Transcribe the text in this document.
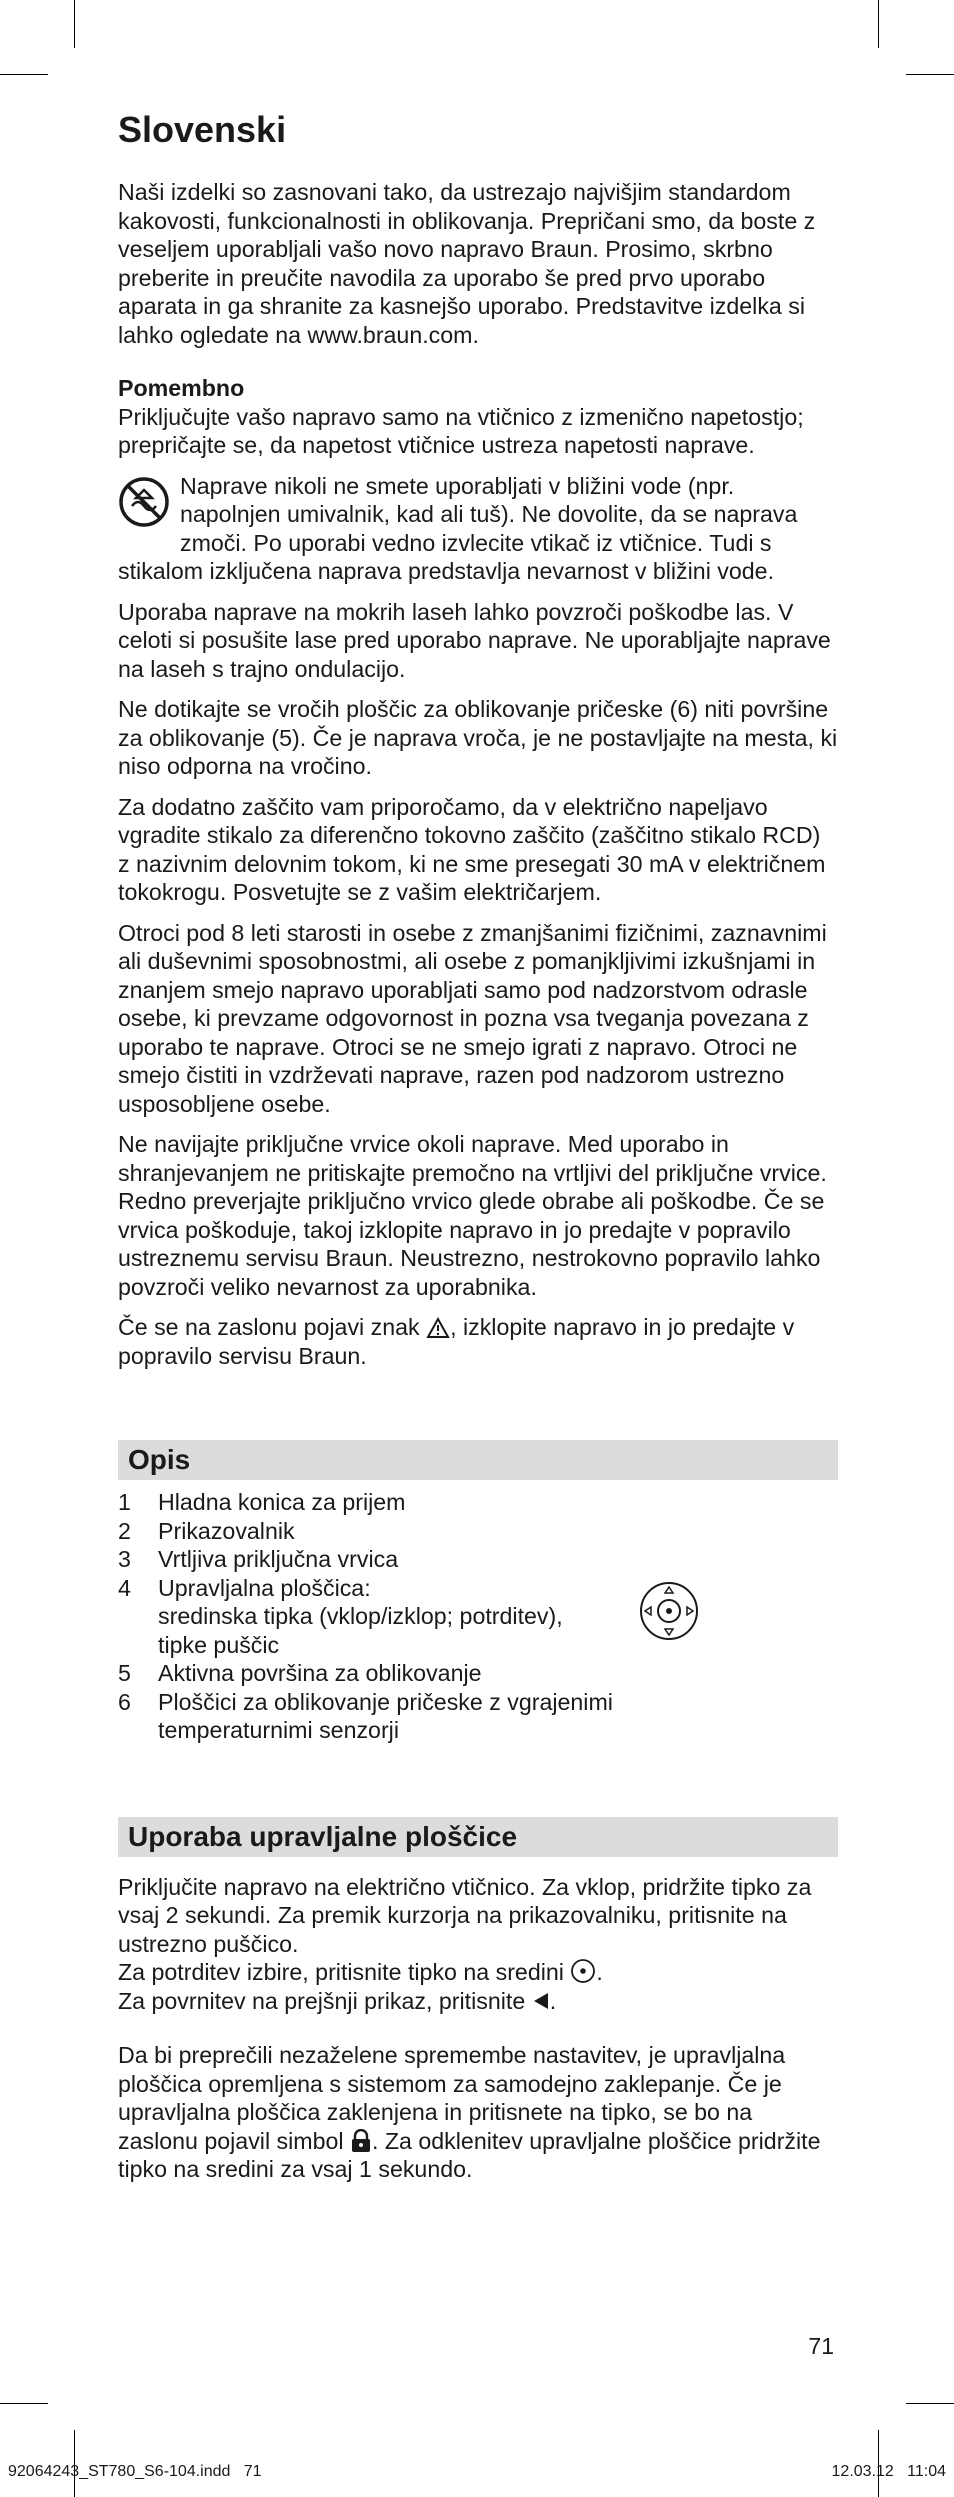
Slovenski

Naši izdelki so zasnovani tako, da ustrezajo najvišjim standardom kakovosti, funkcionalnosti in oblikovanja. Prepričani smo, da boste z veseljem uporabljali vašo novo napravo Braun. Prosimo, skrbno preberite in preučite navodila za uporabo še pred prvo uporabo aparata in ga shranite za kasnejšo uporabo. Predstavitve izdelka si lahko ogledate na www.braun.com.

Pomembno
Priključujte vašo napravo samo na vtičnico z izmenično napetostjo; prepričajte se, da napetost vtičnice ustreza napetosti naprave.

Naprave nikoli ne smete uporabljati v bližini vode (npr. napolnjen umivalnik, kad ali tuš). Ne dovolite, da se naprava zmoči. Po uporabi vedno izvlecite vtikač iz vtičnice. Tudi s stikalom izključena naprava predstavlja nevarnost v bližini vode.

Uporaba naprave na mokrih laseh lahko povzroči poškodbe las. V celoti si posušite lase pred uporabo naprave. Ne uporabljajte naprave na laseh s trajno ondulacijo.

Ne dotikajte se vročih ploščic za oblikovanje pričeske (6) niti površine za oblikovanje (5). Če je naprava vroča, je ne postavljajte na mesta, ki niso odporna na vročino.

Za dodatno zaščito vam priporočamo, da v električno napeljavo vgradite stikalo za diferenčno tokovno zaščito (zaščitno stikalo RCD) z nazivnim delovnim tokom, ki ne sme presegati 30 mA v električnem tokokrogu. Posvetujte se z vašim električarjem.

Otroci pod 8 leti starosti in osebe z zmanjšanimi fizičnimi, zaznavnimi ali duševnimi sposobnostmi, ali osebe z pomanjkljivimi izkušnjami in znanjem smejo napravo uporabljati samo pod nadzorstvom odrasle osebe, ki prevzame odgovornost in pozna vsa tveganja povezana z uporabo te naprave. Otroci se ne smejo igrati z napravo. Otroci ne smejo čistiti in vzdrževati naprave, razen pod nadzorom ustrezno usposobljene osebe.

Ne navijajte priključne vrvice okoli naprave. Med uporabo in shranjevanjem ne pritiskajte premočno na vrtljivi del priključne vrvice.
Redno preverjajte priključno vrvico glede obrabe ali poškodbe. Če se vrvica poškoduje, takoj izklopite napravo in jo predajte v popravilo ustreznemu servisu Braun. Neustrezno, nestrokovno popravilo lahko povzroči veliko nevarnost za uporabnika.

Če se na zaslonu pojavi znak , izklopite napravo in jo predajte v popravilo servisu Braun.

Opis
1	Hladna konica za prijem
2	Prikazovalnik
3	Vrtljiva priključna vrvica
4	Upravljalna ploščica:
sredinska tipka (vklop/izklop; potrditev),
tipke puščic
5	Aktivna površina za oblikovanje
6	Ploščici za oblikovanje pričeske z vgrajenimi
temperaturnimi senzorji
Uporaba upravljalne ploščice

Priključite napravo na električno vtičnico. Za vklop, pridržite tipko za vsaj 2 sekundi. Za premik kurzorja na prikazovalniku, pritisnite na ustrezno puščico.
Za potrditev izbire, pritisnite tipko na sredini .
Za povrnitev na prejšnji prikaz, pritisnite .

Da bi preprečili nezaželene spremembe nastavitev, je upravljalna ploščica opremljena s sistemom za samodejno zaklepanje. Če je upravljalna ploščica zaklenjena in pritisnete na tipko, se bo na zaslonu pojavil simbol . Za odklenitev upravljalne ploščice pridržite tipko na sredini za vsaj 1 sekundo.

71
92064243_ST780_S6-104.indd   71	12.03.12   11:04
